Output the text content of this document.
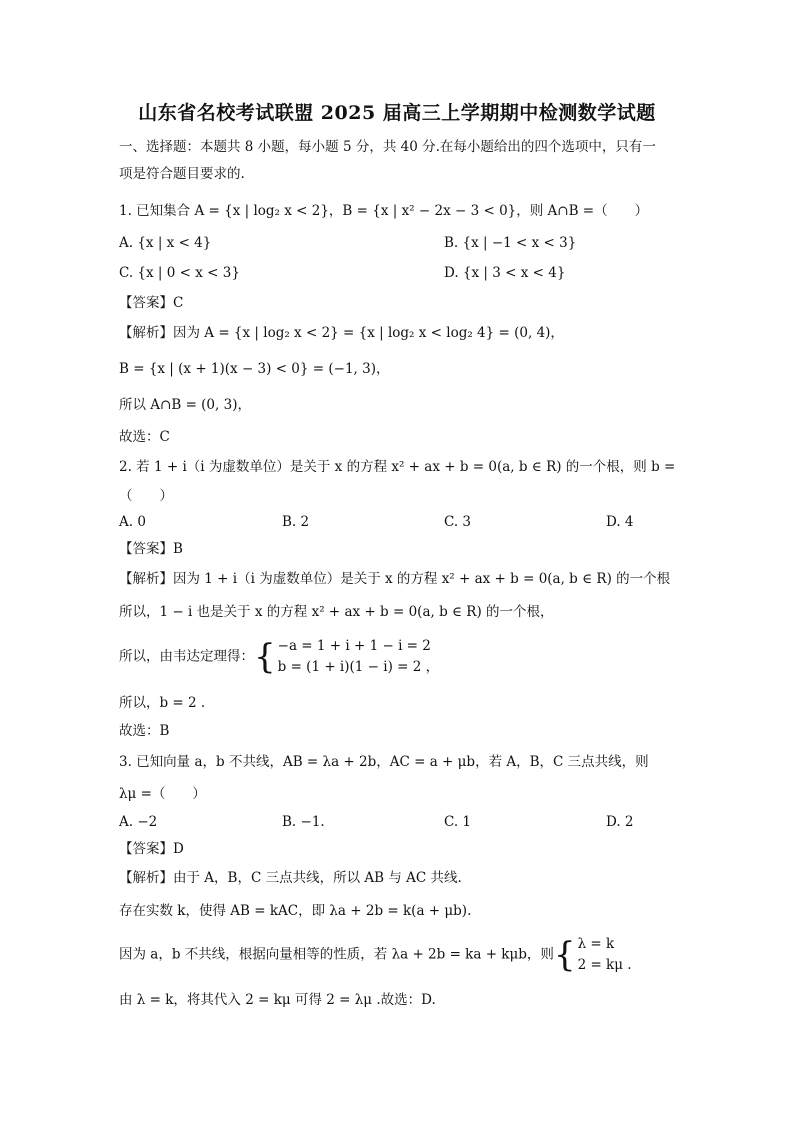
山东省名校考试联盟 2025 届高三上学期期中检测数学试题
一、选择题：本题共 8 小题，每小题 5 分，共 40 分.在每小题给出的四个选项中，只有一
项是符合题目要求的.
1. 已知集合 A = {x | log₂ x < 2}，B = {x | x² − 2x − 3 < 0}，则 A∩B =（　　）
A. {x | x < 4}	B. {x | −1 < x < 3}
C. {x | 0 < x < 3}	D. {x | 3 < x < 4}
【答案】C
【解析】因为 A = {x | log₂ x < 2} = {x | log₂ x < log₂ 4} = (0, 4)，
B = {x | (x + 1)(x − 3) < 0} = (−1, 3)，
所以 A∩B = (0, 3)，
故选：C
2. 若 1 + i（i 为虚数单位）是关于 x 的方程 x² + ax + b = 0(a, b ∈ R) 的一个根，则 b =
（　　）
A. 0	B. 2	C. 3	D. 4
【答案】B
【解析】因为 1 + i（i 为虚数单位）是关于 x 的方程 x² + ax + b = 0(a, b ∈ R) 的一个根
所以，1 − i 也是关于 x 的方程 x² + ax + b = 0(a, b ∈ R) 的一个根，
所以，由韦达定理得：{ −a = 1 + i + 1 − i = 2
b = (1 + i)(1 − i) = 2 ，
所以，b = 2 .
故选：B
3. 已知向量 a，b 不共线，AB = λa + 2b，AC = a + μb，若 A，B，C 三点共线，则
λμ =（　　）
A. −2	B. −1.	C. 1	D. 2
【答案】D
【解析】由于 A，B，C 三点共线，所以 AB 与 AC 共线.
存在实数 k，使得 AB = kAC，即 λa + 2b = k(a + μb).
因为 a，b 不共线，根据向量相等的性质，若 λa + 2b = ka + kμb，则{ λ = k
2 = kμ .
由 λ = k，将其代入 2 = kμ 可得 2 = λμ .故选：D.
